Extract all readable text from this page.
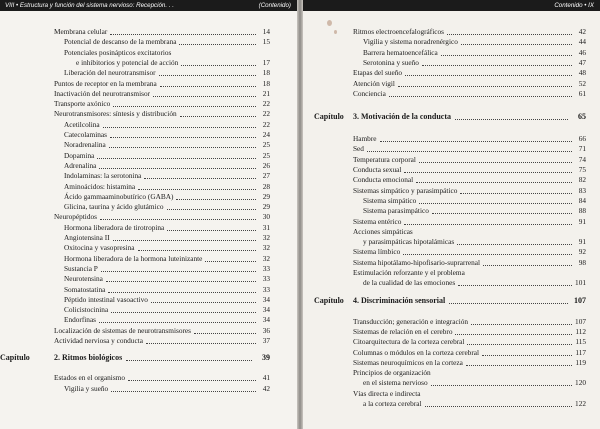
VIII • Estructura y función del sistema nervioso: Recepción. . .	(Contenido)
Membrana celular	14
Potencial de descanso de la membrana	15
Potenciales posinápticos excitatorios
e inhibitorios y potencial de acción	17
Liberación del neurotransmisor	18
Puntos de receptor en la membrana	18
Inactivación del neurotransmisor	21
Transporte axónico	22
Neurotransmisores: síntesis y distribución	22
Acetilcolina	22
Catecolaminas	24
Noradrenalina	25
Dopamina	25
Adrenalina	26
Indolaminas: la serotonina	27
Aminoácidos: histamina	28
Ácido gammaaminobutírico (GABA)	29
Glicina, taurina y ácido glutámico	29
Neuropéptidos	30
Hormona liberadora de tirotropina	31
Angiotensina II	32
Oxitocina y vasopresina	32
Hormona liberadora de la hormona luteinizante	32
Sustancia P	33
Neurotensina	33
Somatostatina	33
Péptido intestinal vasoactivo	34
Colicistocinina	34
Endorfinas	34
Localización de sistemas de neurotransmisores	36
Actividad nerviosa y conducta	37
Capítulo	2. Ritmos biológicos	39
Estados en el organismo	41
Vigilia y sueño	42
Contenido • IX
Ritmos electroencefalográficos	42
Vigilia y sistema noradrenérgico	44
Barrera hematoencefálica	46
Serotonina y sueño	47
Etapas del sueño	48
Atención vigil	52
Conciencia	61
Capítulo 3. Motivación de la conducta	65
Hambre	66
Sed	71
Temperatura corporal	74
Conducta sexual	75
Conducta emocional	82
Sistemas simpático y parasimpático	83
Sistema simpático	84
Sistema parasimpático	88
Sistema entérico	91
Acciones simpáticas
y parasimpáticas hipotalámicas	91
Sistema límbico	92
Sistema hipotálamo-hipofisario-suprarrenal	98
Estimulación reforzante y el problema
de la cualidad de las emociones	101
Capítulo 4. Discriminación sensorial	107
Transducción; generación e integración	107
Sistemas de relación en el cerebro	112
Citoarquitectura de la corteza cerebral	115
Columnas o módulos en la corteza cerebral	117
Sistemas neuroquímicos en la corteza	119
Principios de organización
en el sistema nervioso	120
Vías directa e indirecta
a la corteza cerebral	122
